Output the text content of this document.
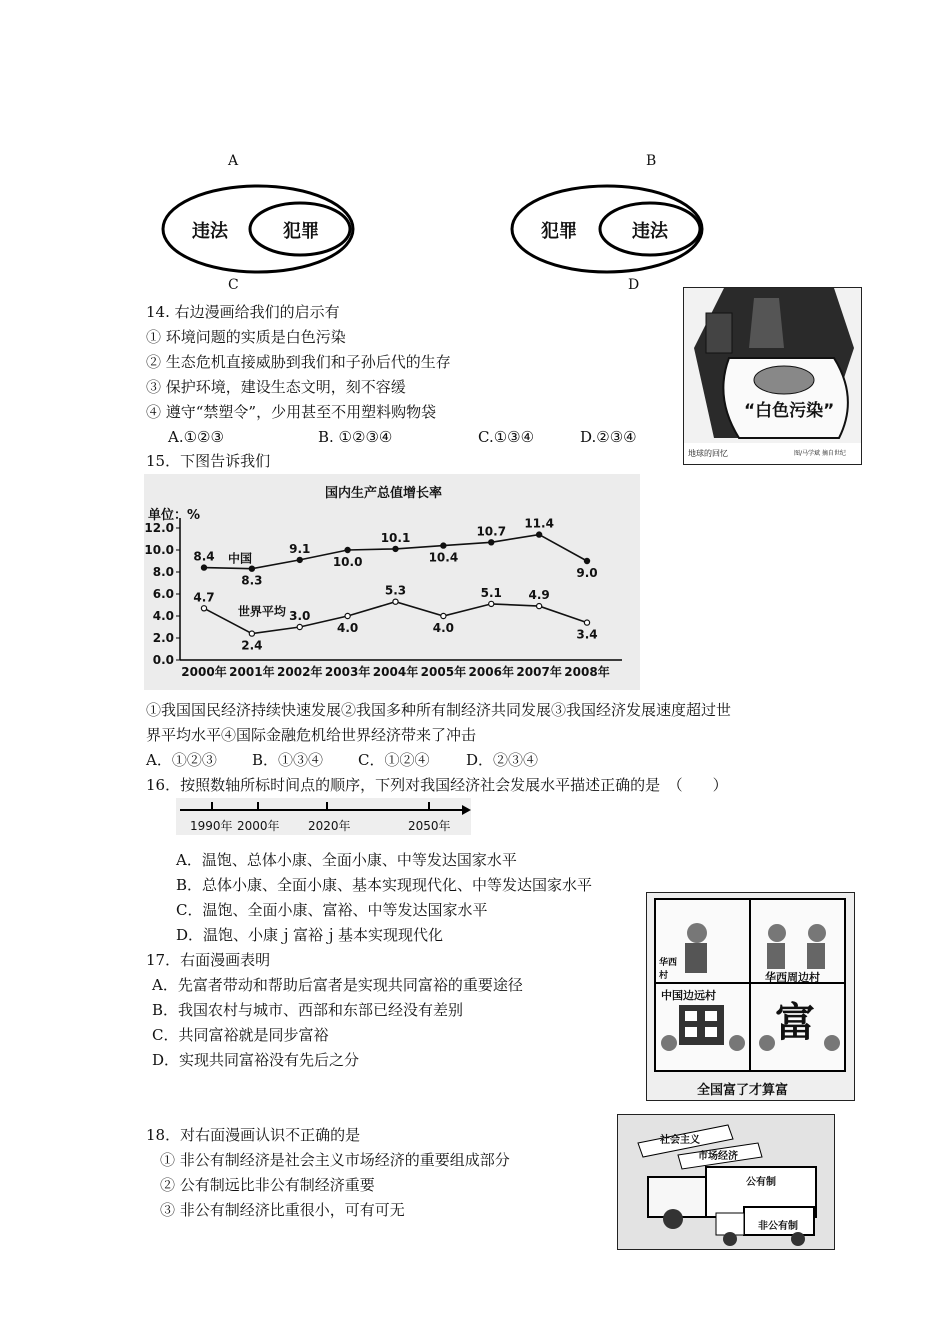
A	B
C	D
违法	犯罪	犯罪	违法
14. 右边漫画给我们的启示有
① 环境问题的实质是白色污染
② 生态危机直接威胁到我们和子孙后代的生存
③ 保护环境，建设生态文明，刻不容缓
④ 遵守“禁塑令”，少用甚至不用塑料购物袋
A.①②③	B. ①②③④	C.①③④	D.②③④
“白色污染”
地球的回忆	图/马学斌 摘自世纪
15．下图告诉我们
国内生产总值增长率
单位：%
0.0
2.0
4.0
6.0
8.0
10.0
12.0
2000年 2001年 2002年 2003年 2004年 2005年 2006年 2007年 2008年
8.4
8.3
9.1
10.0
10.1
10.4
10.7
11.4
9.0
中国
4.7
2.4
3.0
4.0
5.3
4.0
5.1 4.9
3.4
世界平均
①我国国民经济持续快速发展②我国多种所有制经济共同发展③我国经济发展速度超过世
界平均水平④国际金融危机给世界经济带来了冲击
A．①②③ B．①③④ C．①②④ D．②③④
16．按照数轴所标时间点的顺序，下列对我国经济社会发展水平描述正确的是　（　　）
1990年 2000年 2020年	2050年
A．温饱、总体小康、全面小康、中等发达国家水平
B．总体小康、全面小康、基本实现现代化、中等发达国家水平
C．温饱、全面小康、富裕、中等发达国家水平
D．温饱、小康ｊ富裕ｊ基本实现现代化
17．右面漫画表明
A．先富者带动和帮助后富者是实现共同富裕的重要途径
B．我国农村与城市、西部和东部已经没有差别
C．共同富裕就是同步富裕
D．实现共同富裕没有先后之分
华西村	华西周边村
中国边远村
富
全国富了才算富
18．对右面漫画认识不正确的是
① 非公有制经济是社会主义市场经济的重要组成部分
② 公有制远比非公有制经济重要
③ 非公有制经济比重很小，可有可无
社会主义
市场经济
公有制
非公有制
